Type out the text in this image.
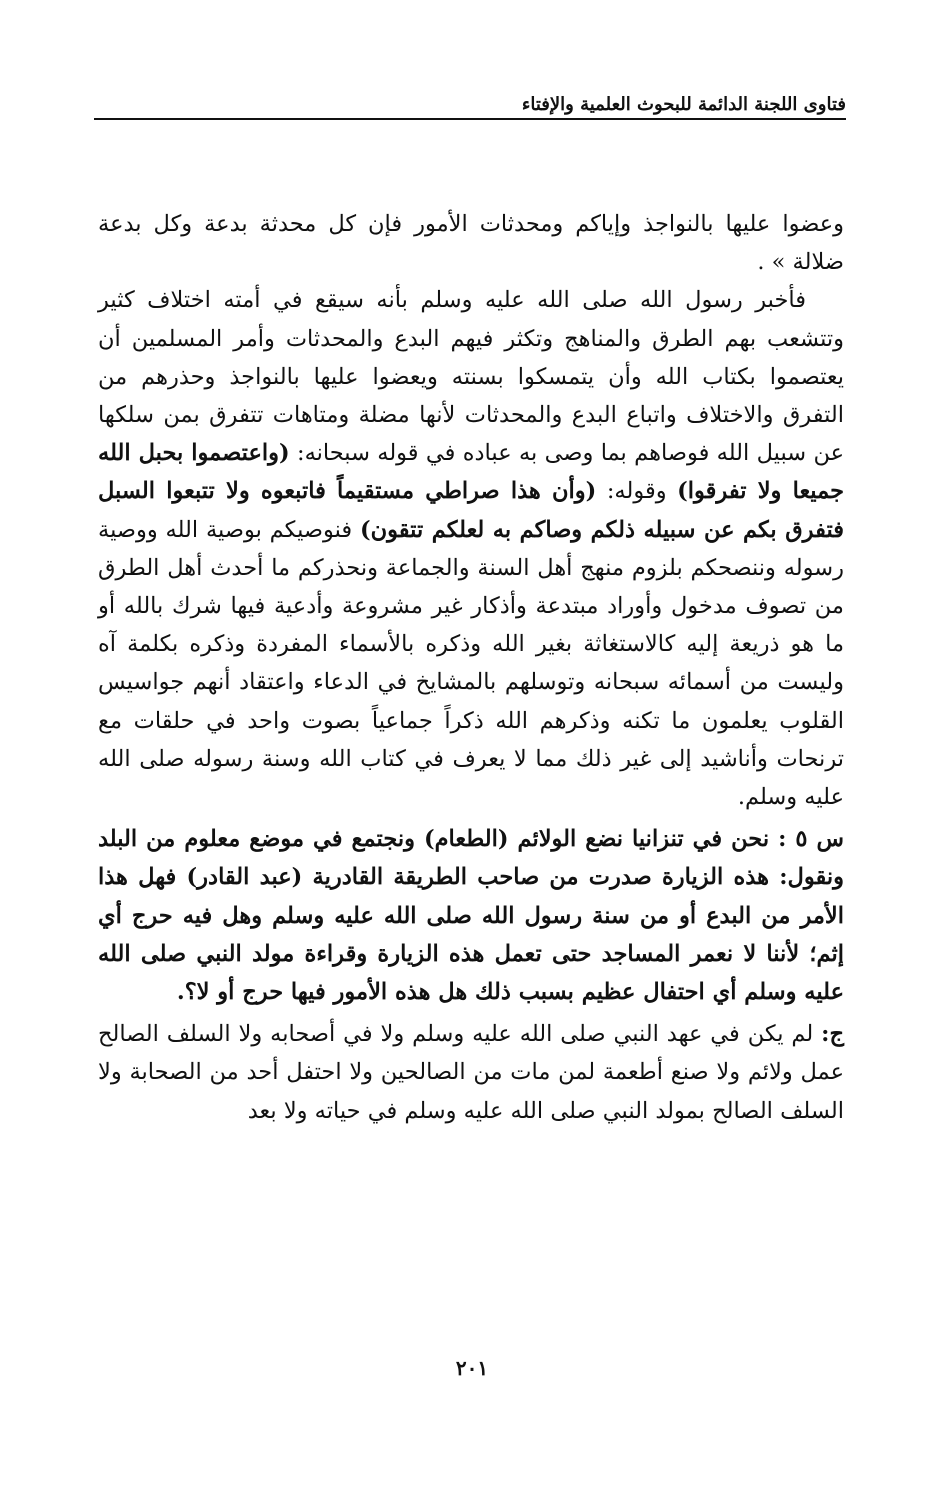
فتاوى اللجنة الدائمة للبحوث العلمية والإفتاء

وعضوا عليها بالنواجذ وإياكم ومحدثات الأمور فإن كل محدثة بدعة وكل بدعة ضلالة » .

فأخبر رسول الله صلى الله عليه وسلم بأنه سيقع في أمته اختلاف كثير وتتشعب بهم الطرق والمناهج وتكثر فيهم البدع والمحدثات وأمر المسلمين أن يعتصموا بكتاب الله وأن يتمسكوا بسنته ويعضوا عليها بالنواجذ وحذرهم من التفرق والاختلاف واتباع البدع والمحدثات لأنها مضلة ومتاهات تتفرق بمن سلكها عن سبيل الله فوصاهم بما وصى به عباده في قوله سبحانه: (واعتصموا بحبل الله جميعا ولا تفرقوا) وقوله: (وأن هذا صراطي مستقيماً فاتبعوه ولا تتبعوا السبل فتفرق بكم عن سبيله ذلكم وصاكم به لعلكم تتقون) فنوصيكم بوصية الله ووصية رسوله وننصحكم بلزوم منهج أهل السنة والجماعة ونحذركم ما أحدث أهل الطرق من تصوف مدخول وأوراد مبتدعة وأذكار غير مشروعة وأدعية فيها شرك بالله أو ما هو ذريعة إليه كالاستغاثة بغير الله وذكره بالأسماء المفردة وذكره بكلمة آه وليست من أسمائه سبحانه وتوسلهم بالمشايخ في الدعاء واعتقاد أنهم جواسيس القلوب يعلمون ما تكنه وذكرهم الله ذكراً جماعياً بصوت واحد في حلقات مع ترنحات وأناشيد إلى غير ذلك مما لا يعرف في كتاب الله وسنة رسوله صلى الله عليه وسلم.

س ٥ : نحن في تنزانيا نضع الولائم (الطعام) ونجتمع في موضع معلوم من البلد ونقول: هذه الزيارة صدرت من صاحب الطريقة القادرية (عبد القادر) فهل هذا الأمر من البدع أو من سنة رسول الله صلى الله عليه وسلم وهل فيه حرج أي إثم؛ لأننا لا نعمر المساجد حتى تعمل هذه الزيارة وقراءة مولد النبي صلى الله عليه وسلم أي احتفال عظيم بسبب ذلك هل هذه الأمور فيها حرج أو لا؟.

ج: لم يكن في عهد النبي صلى الله عليه وسلم ولا في أصحابه ولا السلف الصالح عمل ولائم ولا صنع أطعمة لمن مات من الصالحين ولا احتفل أحد من الصحابة ولا السلف الصالح بمولد النبي صلى الله عليه وسلم في حياته ولا بعد

٢٠١
